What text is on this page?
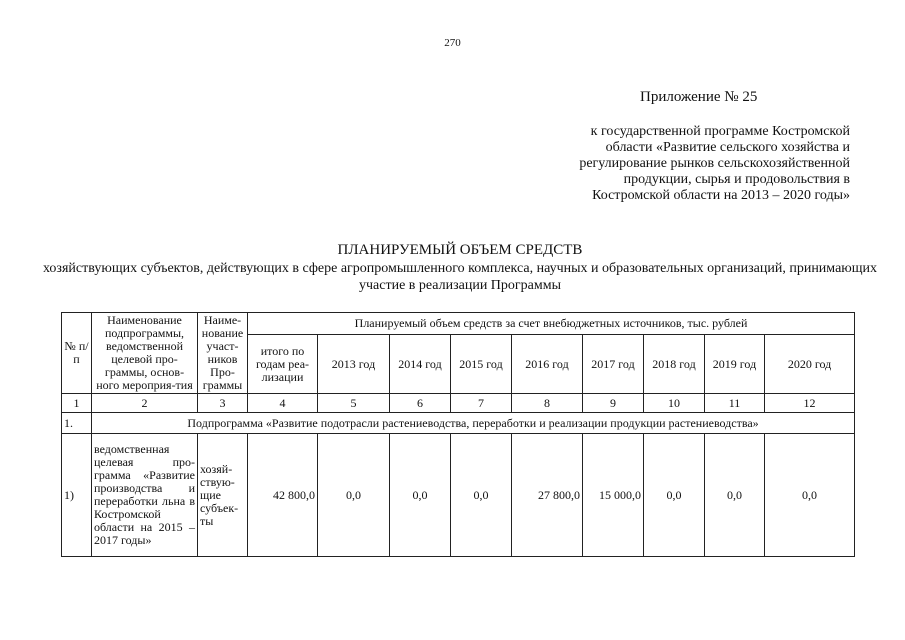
270
Приложение № 25
к государственной программе Костромской области «Развитие сельского хозяйства и регулирование рынков сельскохозяйственной продукции, сырья и продовольствия в Костромской области на 2013 – 2020 годы»
ПЛАНИРУЕМЫЙ ОБЪЕМ СРЕДСТВ
хозяйствующих субъектов, действующих в сфере агропромышленного комплекса, научных и образовательных организаций, принимающих участие в реализации Программы
№ п/п	Наименование подпрограммы, ведомственной целевой про-граммы, основ-ного мероприя-тия	Наиме-нование участ-ников Про-граммы	Планируемый объем средств за счет внебюджетных источников, тыс. рублей								
			итого по годам реа-лизации	2013 год	2014 год	2015 год	2016 год	2017 год	2018 год	2019 год	2020 год
1	2	3	4	5	6	7	8	9	10	11	12
1.	Подпрограмма «Развитие подотрасли растениеводства, переработки и реализации продукции растениеводства»										
1)	ведомственная целевая про-грамма «Развитие производства и переработки льна в Костромской области на 2015 – 2017 годы»	хозяй-ствую-щие субъек-ты	42 800,0	0,0	0,0	0,0	27 800,0	15 000,0	0,0	0,0	0,0
